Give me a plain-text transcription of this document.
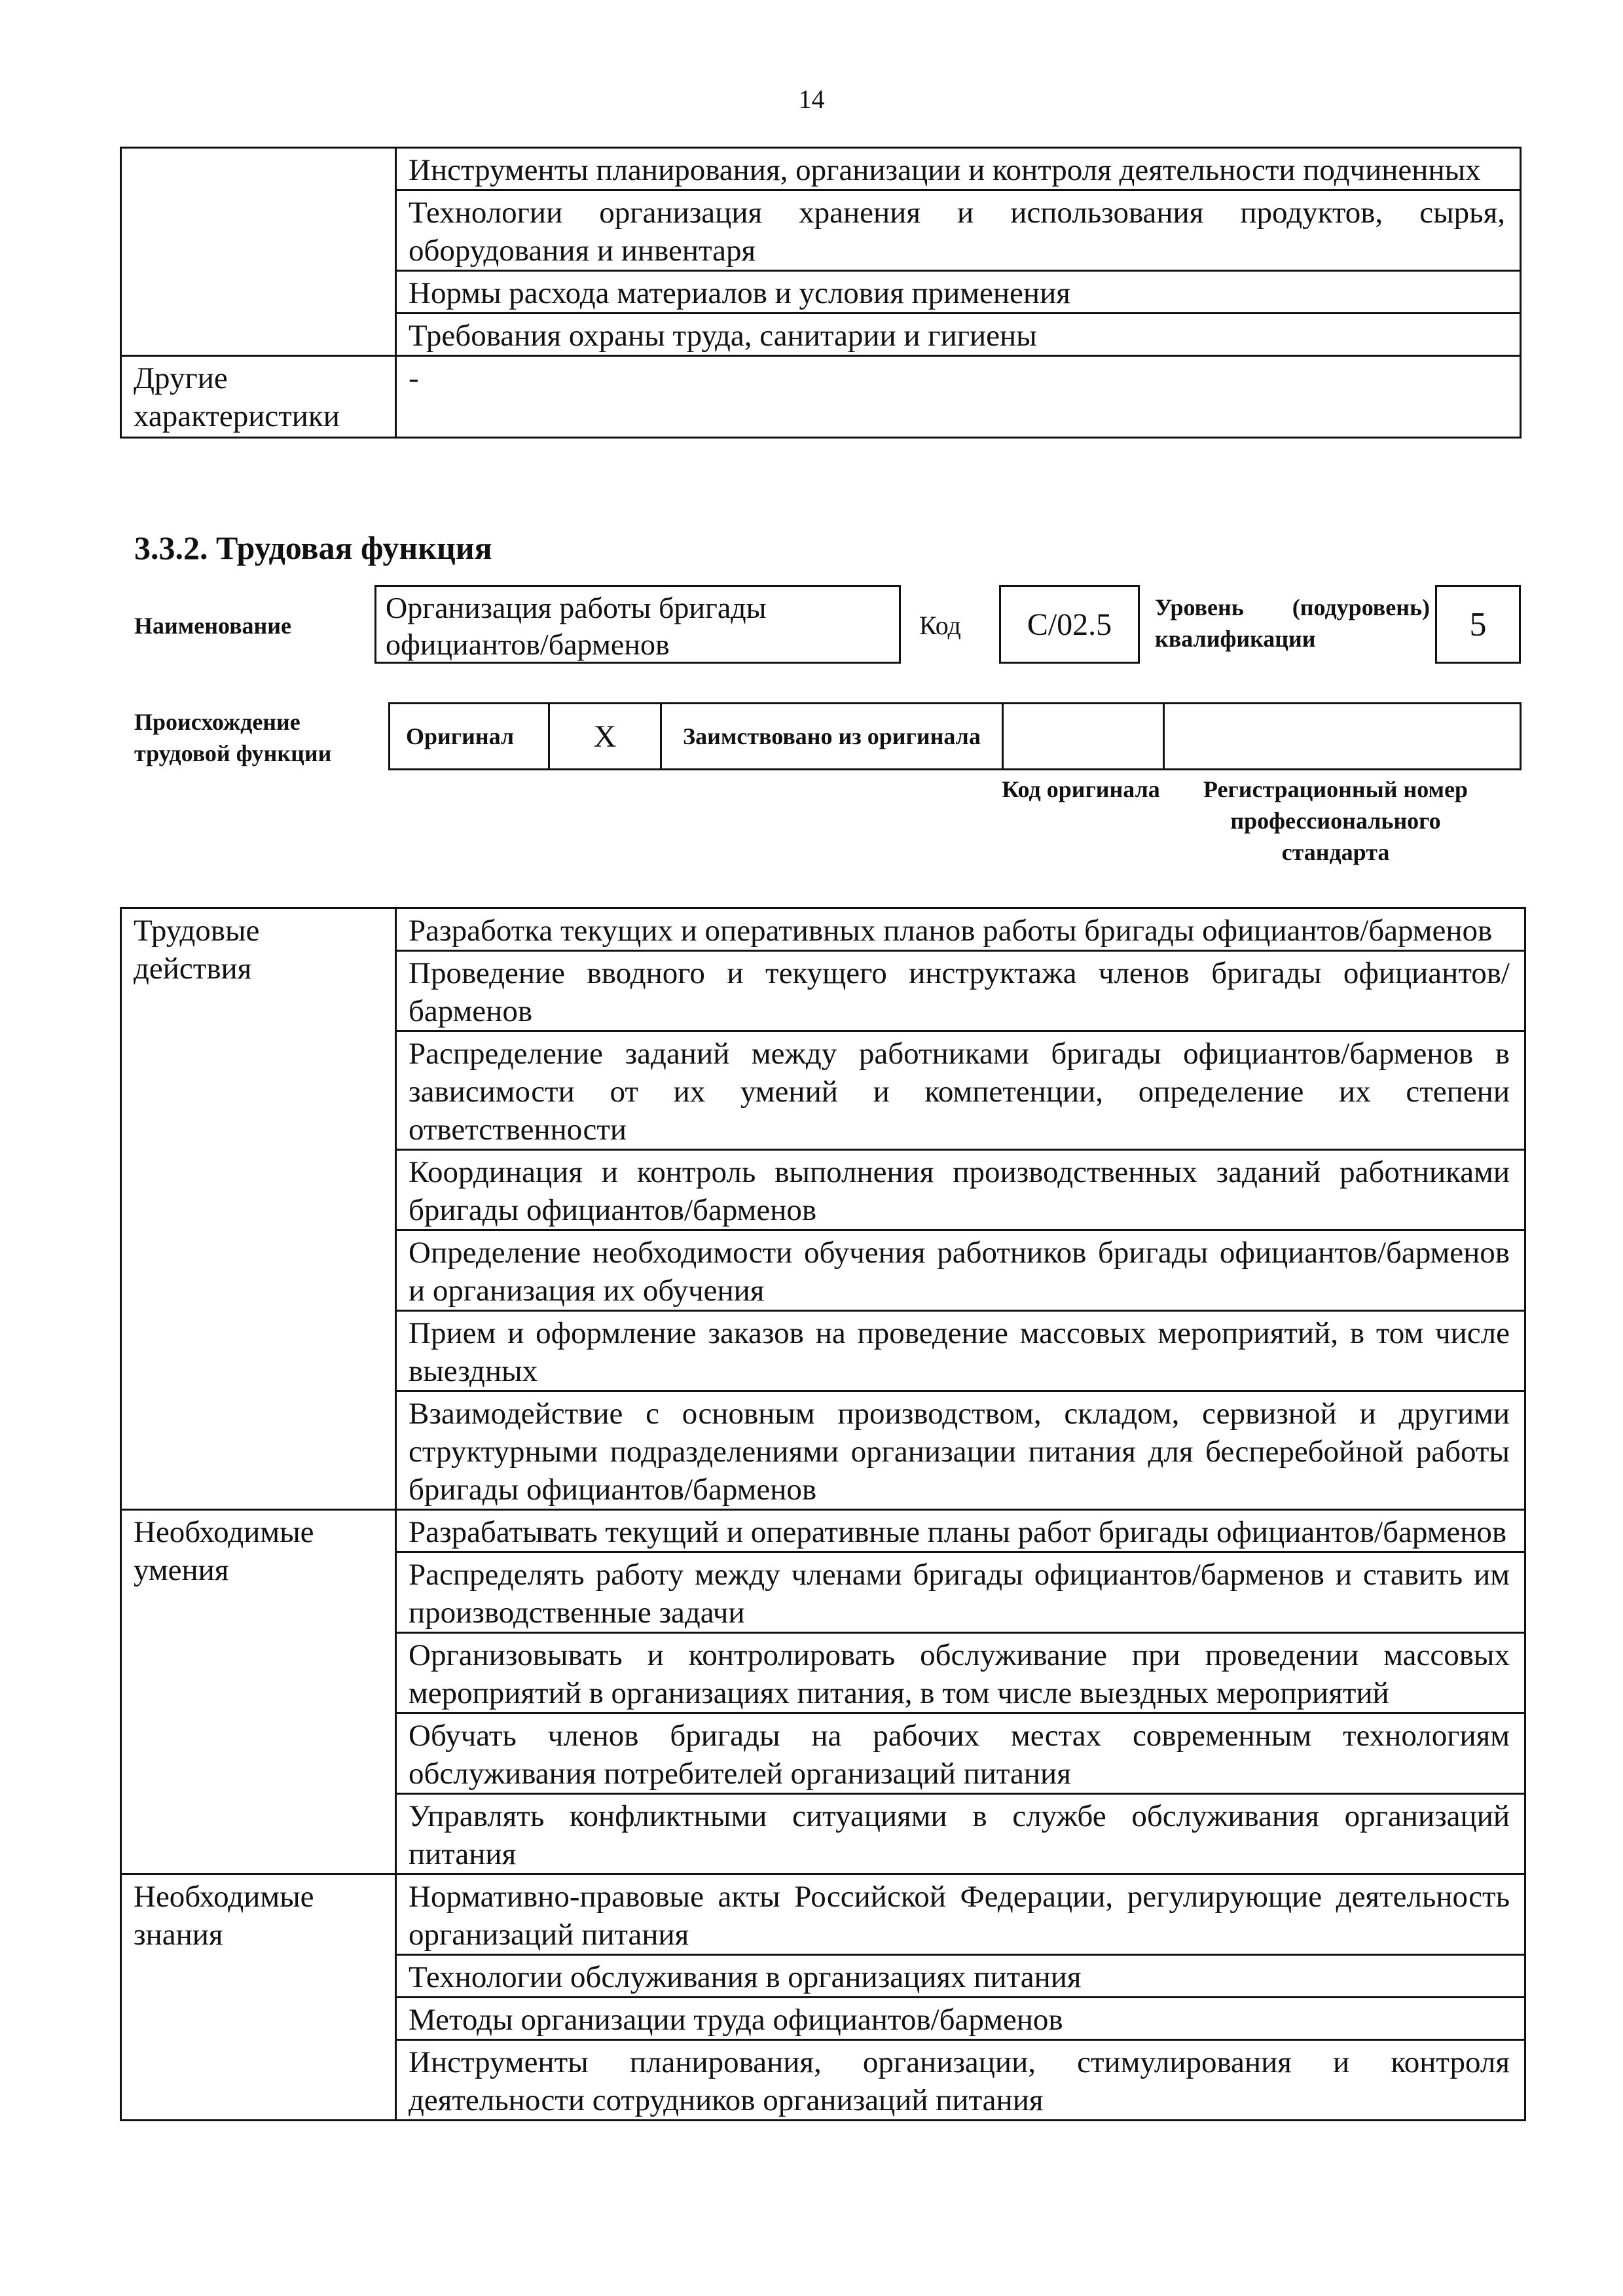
14

	Инструменты планирования, организации и контроля деятельности подчиненных

	Технологии организация хранения и использования продуктов, сырья, оборудования и инвентаря

	Нормы расхода материалов и условия применения

	Требования охраны труда, санитарии и гигиены

Другие характеристики	-
3.3.2. Трудовая функция
Наименование
Организация работы бригады официантов/барменов
Код	C/02.5	Уровень (подуровень) квалификации	5
Происхождение трудовой функции
Оригинал	X	Заимствовано из оригинала		
Код оригинала	Регистрационный номер профессионального стандарта
Трудовые действия	Разработка текущих и оперативных планов работы бригады официантов/барменов

	Проведение вводного и текущего инструктажа членов бригады официантов/барменов

	Распределение заданий между работниками бригады официантов/барменов в зависимости от их умений и компетенции, определение их степени ответственности

	Координация и контроль выполнения производственных заданий работниками бригады официантов/барменов

	Определение необходимости обучения работников бригады официантов/барменов и организация их обучения

	Прием и оформление заказов на проведение массовых мероприятий, в том числе выездных

	Взаимодействие с основным производством, складом, сервизной и другими структурными подразделениями организации питания для бесперебойной работы бригады официантов/барменов

Необходимые умения	Разрабатывать текущий и оперативные планы работ бригады официантов/барменов

	Распределять работу между членами бригады официантов/барменов и ставить им производственные задачи

	Организовывать и контролировать обслуживание при проведении массовых мероприятий в организациях питания, в том числе выездных мероприятий

	Обучать членов бригады на рабочих местах современным технологиям обслуживания потребителей организаций питания

	Управлять конфликтными ситуациями в службе обслуживания организаций питания

Необходимые знания	Нормативно-правовые акты Российской Федерации, регулирующие деятельность организаций питания

	Технологии обслуживания в организациях питания

	Методы организации труда официантов/барменов

	Инструменты планирования, организации, стимулирования и контроля деятельности сотрудников организаций питания
